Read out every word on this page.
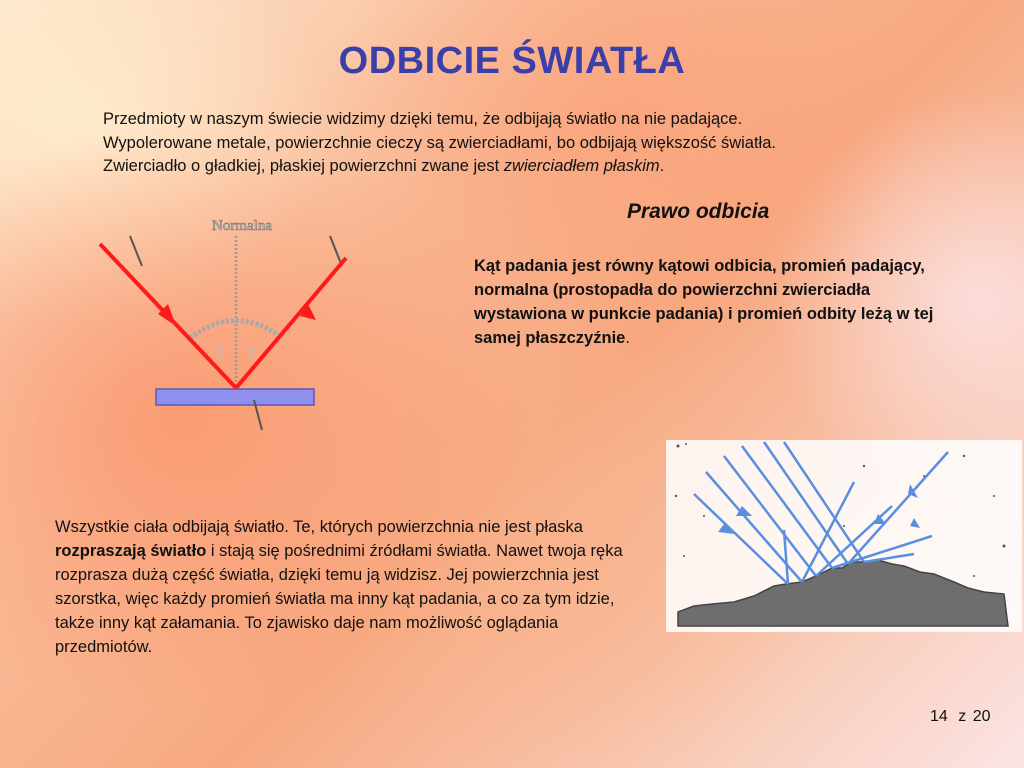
ODBICIE ŚWIATŁA
Przedmioty w naszym świecie widzimy dzięki temu, że odbijają światło na nie padające.
Wypolerowane metale, powierzchnie cieczy są zwierciadłami, bo odbijają większość światła.
Zwierciadło o gładkiej, płaskiej powierzchni zwane jest zwierciadłem płaskim.
Normalna
i r
Prawo odbicia
Kąt padania jest równy kątowi odbicia, promień padający, normalna (prostopadła do powierzchni zwierciadła wystawiona w punkcie padania) i promień odbity leżą w tej samej płaszczyźnie.
Wszystkie ciała odbijają światło. Te, których powierzchnia nie jest płaska rozpraszają światło i stają się pośrednimi źródłami światła. Nawet twoja ręka rozprasza dużą część światła, dzięki temu ją widzisz. Jej powierzchnia jest szorstka, więc każdy promień światła ma inny kąt padania, a co za tym idzie, także inny kąt załamania. To zjawisko daje nam możliwość oglądania przedmiotów.
14 z 20
